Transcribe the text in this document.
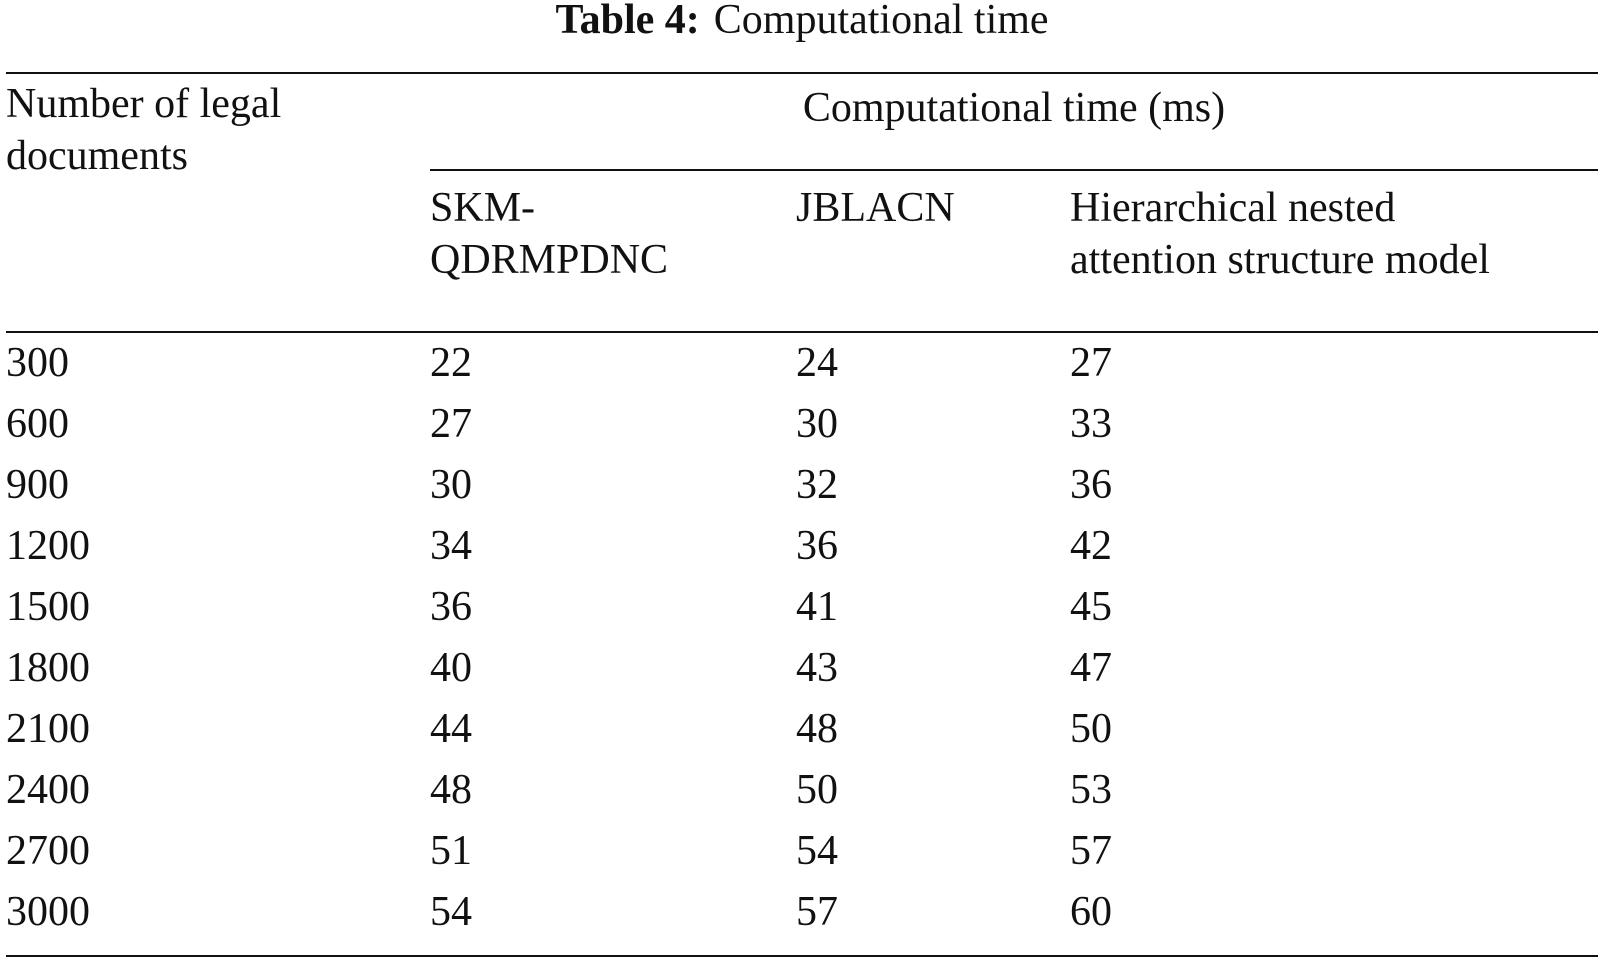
Table 4: Computational time
Number of legal
documents
Computational time (ms)
SKM-
QDRMPDNC
JBLACN	Hierarchical nested
attention structure model
300	22	24	27
600	27	30	33
900	30	32	36
1200	34	36	42
1500	36	41	45
1800	40	43	47
2100	44	48	50
2400	48	50	53
2700	51	54	57
3000	54	57	60
